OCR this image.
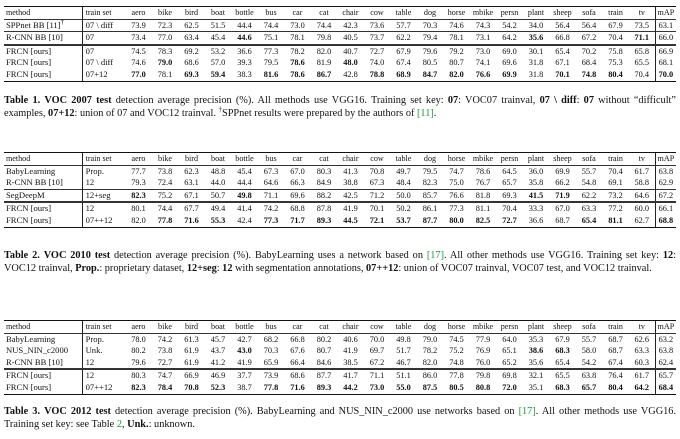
method	train set	aero	bike	bird	boat	bottle	bus	car	cat	chair	cow	table	dog	horse	mbike	persn	plant	sheep	sofa	train	tv	mAP
SPPnet BB [11]†	07 \ diff	73.9	72.3	62.5	51.5	44.4	74.4	73.0	74.4	42.3	73.6	57.7	70.3	74.6	74.3	54.2	34.0	56.4	56.4	67.9	73.5	63.1
R-CNN BB [10]	07	73.4	77.0	63.4	45.4	44.6	75.1	78.1	79.8	40.5	73.7	62.2	79.4	78.1	73.1	64.2	35.6	66.8	67.2	70.4	71.1	66.0
FRCN [ours]	07	74.5	78.3	69.2	53.2	36.6	77.3	78.2	82.0	40.7	72.7	67.9	79.6	79.2	73.0	69.0	30.1	65.4	70.2	75.8	65.8	66.9
FRCN [ours]	07 \ diff	74.6	79.0	68.6	57.0	39.3	79.5	78.6	81.9	48.0	74.0	67.4	80.5	80.7	74.1	69.6	31.8	67.1	68.4	75.3	65.5	68.1
FRCN [ours]	07+12	77.0	78.1	69.3	59.4	38.3	81.6	78.6	86.7	42.8	78.8	68.9	84.7	82.0	76.6	69.9	31.8	70.1	74.8	80.4	70.4	70.0

Table 1. VOC 2007 test detection average precision (%). All methods use VGG16. Training set key: 07: VOC07 trainval, 07 \ diff: 07 without “difficult” examples, 07+12: union of 07 and VOC12 trainval. †SPPnet results were prepared by the authors of [11].

method	train set	aero	bike	bird	boat	bottle	bus	car	cat	chair	cow	table	dog	horse	mbike	persn	plant	sheep	sofa	train	tv	mAP
BabyLearning	Prop.	77.7	73.8	62.3	48.8	45.4	67.3	67.0	80.3	41.3	70.8	49.7	79.5	74.7	78.6	64.5	36.0	69.9	55.7	70.4	61.7	63.8
R-CNN BB [10]	12	79.3	72.4	63.1	44.0	44.4	64.6	66.3	84.9	38.8	67.3	48.4	82.3	75.0	76.7	65.7	35.8	66.2	54.8	69.1	58.8	62.9
SegDeepM	12+seg	82.3	75.2	67.1	50.7	49.8	71.1	69.6	88.2	42.5	71.2	50.0	85.7	76.6	81.8	69.3	41.5	71.9	62.2	73.2	64.6	67.2
FRCN [ours]	12	80.1	74.4	67.7	49.4	41.4	74.2	68.8	87.8	41.9	70.1	50.2	86.1	77.3	81.1	70.4	33.3	67.0	63.3	77.2	60.0	66.1
FRCN [ours]	07++12	82.0	77.8	71.6	55.3	42.4	77.3	71.7	89.3	44.5	72.1	53.7	87.7	80.0	82.5	72.7	36.6	68.7	65.4	81.1	62.7	68.8

Table 2. VOC 2010 test detection average precision (%). BabyLearning uses a network based on [17]. All other methods use VGG16. Training set key: 12: VOC12 trainval, Prop.: proprietary dataset, 12+seg: 12 with segmentation annotations, 07++12: union of VOC07 trainval, VOC07 test, and VOC12 trainval.

method	train set	aero	bike	bird	boat	bottle	bus	car	cat	chair	cow	table	dog	horse	mbike	persn	plant	sheep	sofa	train	tv	mAP
BabyLearning	Prop.	78.0	74.2	61.3	45.7	42.7	68.2	66.8	80.2	40.6	70.0	49.8	79.0	74.5	77.9	64.0	35.3	67.9	55.7	68.7	62.6	63.2
NUS_NIN_c2000	Unk.	80.2	73.8	61.9	43.7	43.0	70.3	67.6	80.7	41.9	69.7	51.7	78.2	75.2	76.9	65.1	38.6	68.3	58.0	68.7	63.3	63.8
R-CNN BB [10]	12	79.6	72.7	61.9	41.2	41.9	65.9	66.4	84.6	38.5	67.2	46.7	82.0	74.8	76.0	65.2	35.6	65.4	54.2	67.4	60.3	62.4
FRCN [ours]	12	80.3	74.7	66.9	46.9	37.7	73.9	68.6	87.7	41.7	71.1	51.1	86.0	77.8	79.8	69.8	32.1	65.5	63.8	76.4	61.7	65.7
FRCN [ours]	07++12	82.3	78.4	70.8	52.3	38.7	77.8	71.6	89.3	44.2	73.0	55.0	87.5	80.5	80.8	72.0	35.1	68.3	65.7	80.4	64.2	68.4

Table 3. VOC 2012 test detection average precision (%). BabyLearning and NUS_NIN_c2000 use networks based on [17]. All other methods use VGG16. Training set key: see Table 2, Unk.: unknown.
